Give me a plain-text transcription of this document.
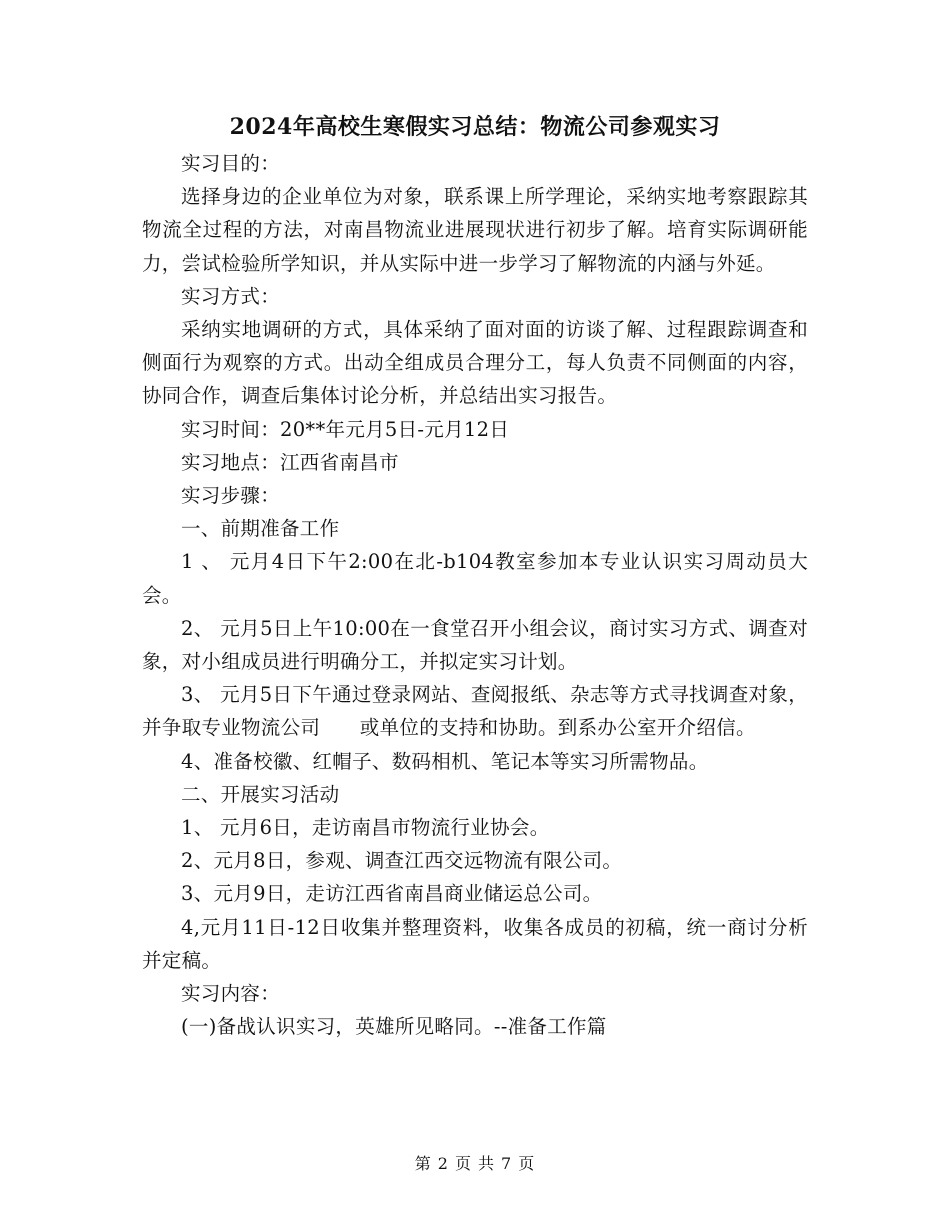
2024年高校生寒假实习总结：物流公司参观实习

实习目的：

选择身边的企业单位为对象，联系课上所学理论，采纳实地考察跟踪其物流全过程的方法，对南昌物流业进展现状进行初步了解。培育实际调研能力，尝试检验所学知识，并从实际中进一步学习了解物流的内涵与外延。

实习方式：

采纳实地调研的方式，具体采纳了面对面的访谈了解、过程跟踪调查和侧面行为观察的方式。出动全组成员合理分工，每人负责不同侧面的内容，协同合作，调查后集体讨论分析，并总结出实习报告。

实习时间：20**年元月5日-元月12日

实习地点：江西省南昌市

实习步骤：

一、前期准备工作

1 、 元月4日下午2:00在北-b104教室参加本专业认识实习周动员大会。

2、 元月5日上午10:00在一食堂召开小组会议，商讨实习方式、调查对象，对小组成员进行明确分工，并拟定实习计划。

3、 元月5日下午通过登录网站、查阅报纸、杂志等方式寻找调查对象，并争取专业物流公司　　或单位的支持和协助。到系办公室开介绍信。

4、准备校徽、红帽子、数码相机、笔记本等实习所需物品。

二、开展实习活动

1、 元月6日，走访南昌市物流行业协会。

2、元月8日，参观、调查江西交远物流有限公司。

3、元月9日，走访江西省南昌商业储运总公司。

4,元月11日-12日收集并整理资料，收集各成员的初稿，统一商讨分析并定稿。

实习内容：

(一)备战认识实习，英雄所见略同。--准备工作篇

第 2 页 共 7 页
